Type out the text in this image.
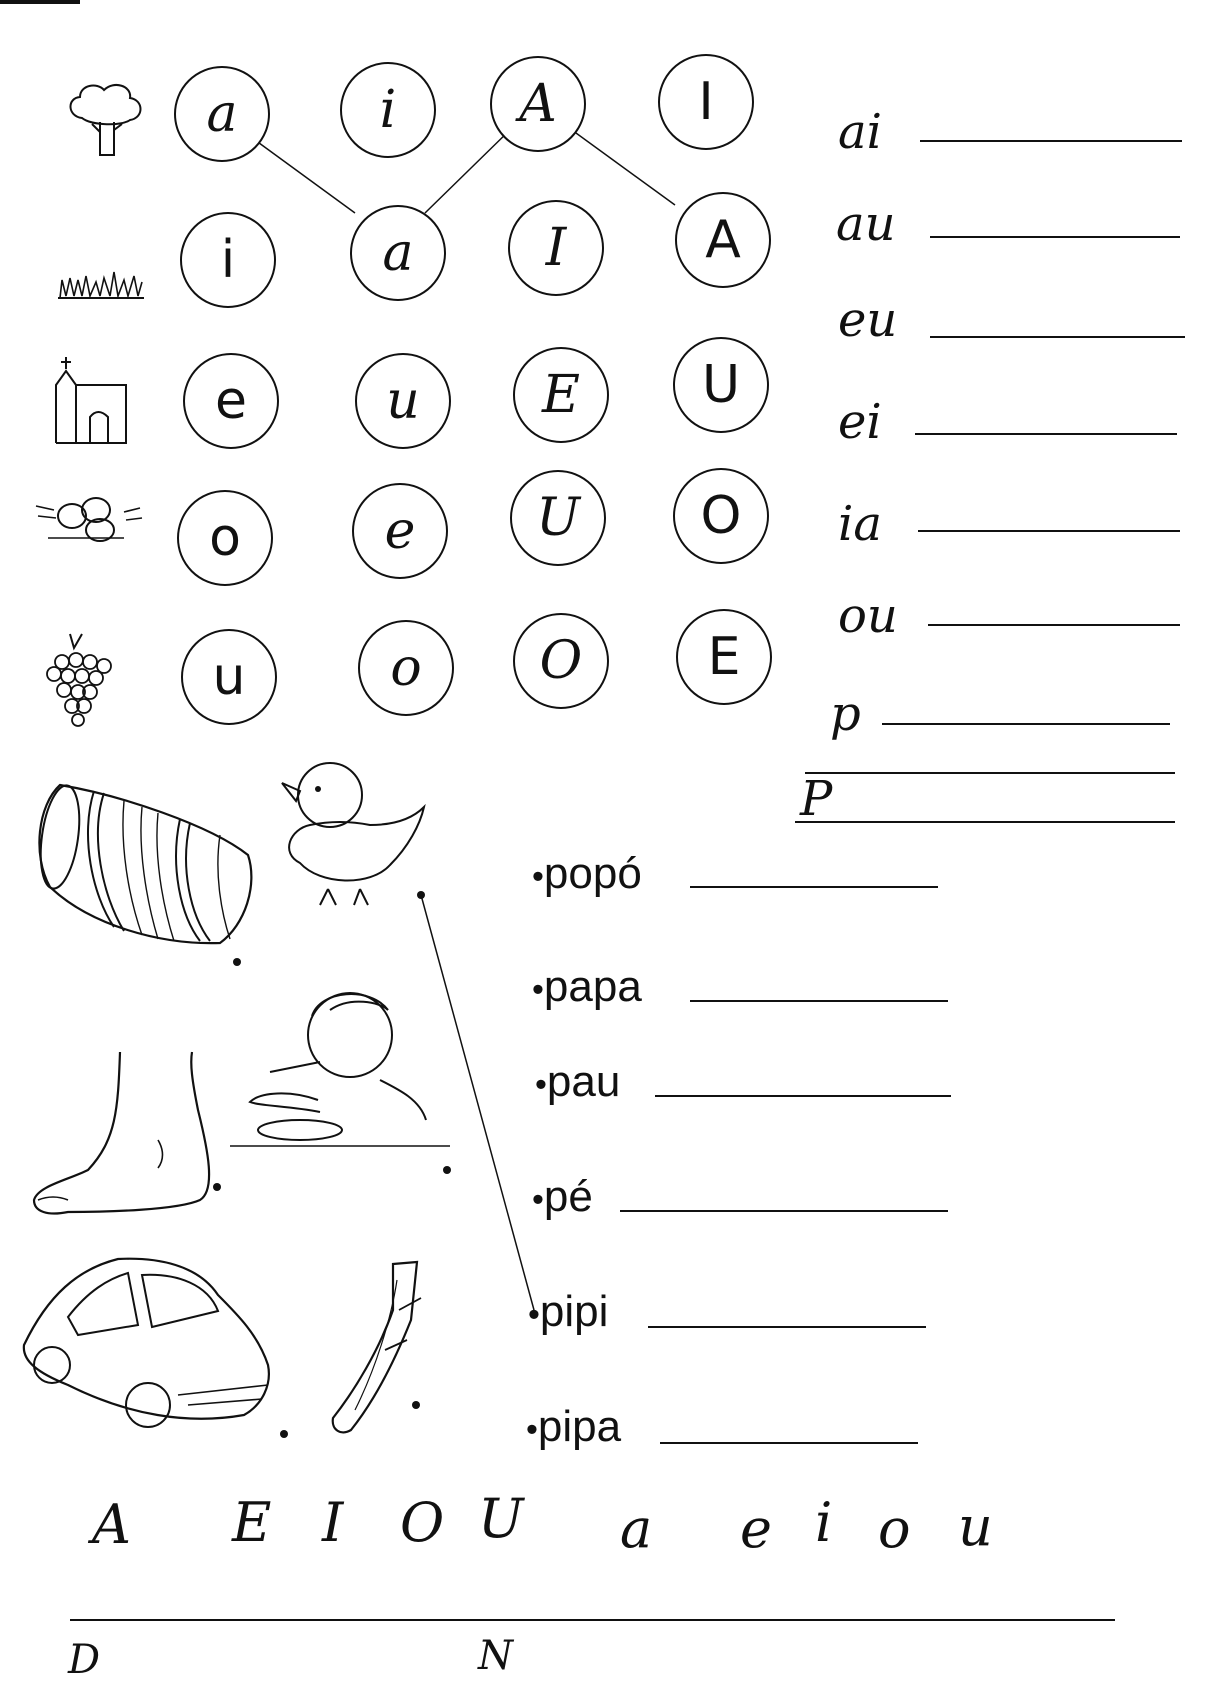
a	i A	I
i	a	I	A
e	u E U
o	e U O
u	o O E
ai
au
eu
ei
ia
ou
p
P
•popó
•papa
•pau
•pé
•pipi
•pipa
A E I O U a e i o u
D	N
